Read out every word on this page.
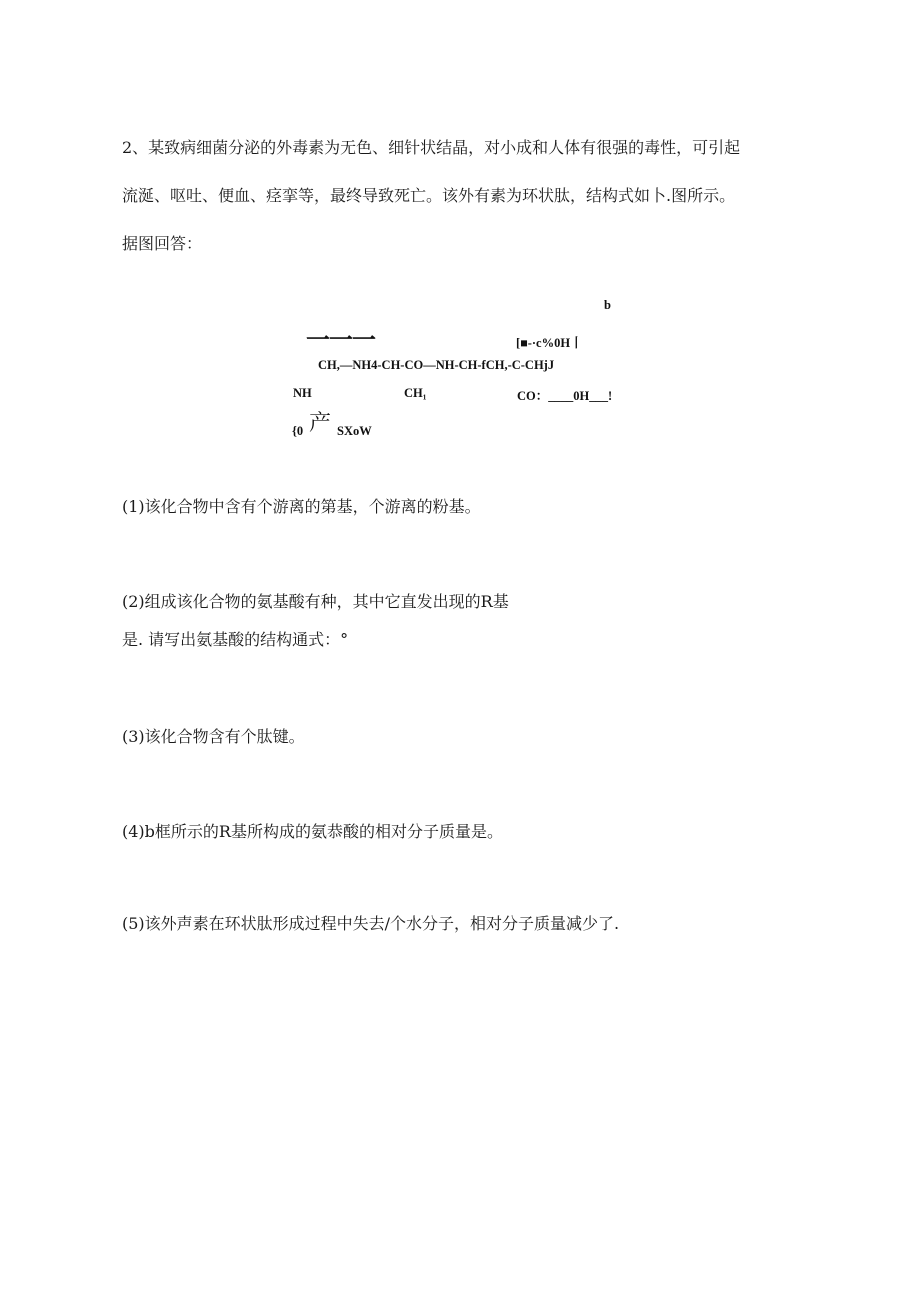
2、某致病细菌分泌的外毒素为无色、细针状结晶，对小成和人体有很强的毒性，可引起
流涎、呕吐、便血、痉挛等，最终导致死亡。该外有素为环状肽，结构式如卜.图所示。
据图回答：
b
一一一	[■-·c%0H丨
CH,—NH4-CH-CO—NH-CH-fCH,-C-CHjJ
NH	CH₁	CO：____0H___!
{0 产 SXoW
(1)该化合物中含有个游离的第基，个游离的粉基。
(2)组成该化合物的氨基酸有种，其中它直发出现的R基
是. 请写出氨基酸的结构通式：°
(3)该化合物含有个肽键。
(4)b框所示的R基所构成的氨恭酸的相对分子质量是。
(5)该外声素在环状肽形成过程中失去/个水分子，相对分子质量减少了.
